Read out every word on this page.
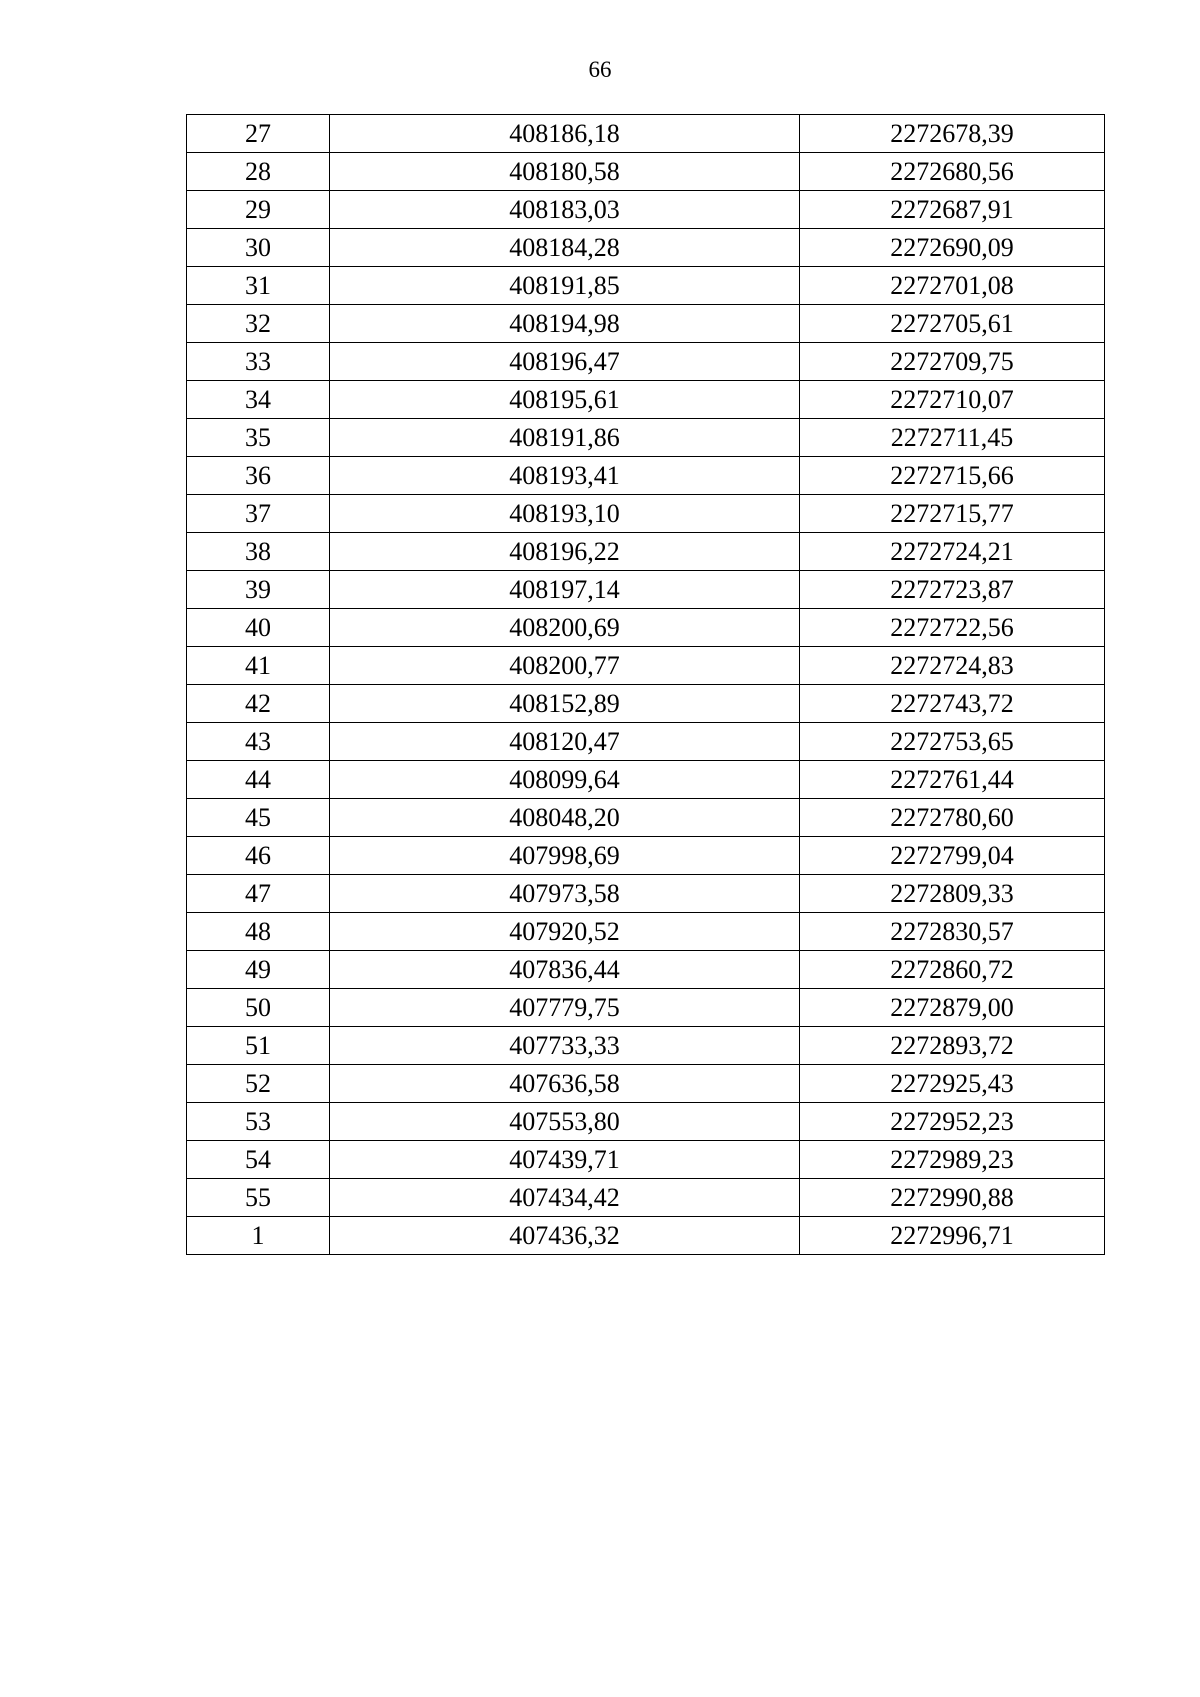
66
27	408186,18	2272678,39
28	408180,58	2272680,56
29	408183,03	2272687,91
30	408184,28	2272690,09
31	408191,85	2272701,08
32	408194,98	2272705,61
33	408196,47	2272709,75
34	408195,61	2272710,07
35	408191,86	2272711,45
36	408193,41	2272715,66
37	408193,10	2272715,77
38	408196,22	2272724,21
39	408197,14	2272723,87
40	408200,69	2272722,56
41	408200,77	2272724,83
42	408152,89	2272743,72
43	408120,47	2272753,65
44	408099,64	2272761,44
45	408048,20	2272780,60
46	407998,69	2272799,04
47	407973,58	2272809,33
48	407920,52	2272830,57
49	407836,44	2272860,72
50	407779,75	2272879,00
51	407733,33	2272893,72
52	407636,58	2272925,43
53	407553,80	2272952,23
54	407439,71	2272989,23
55	407434,42	2272990,88
1	407436,32	2272996,71
